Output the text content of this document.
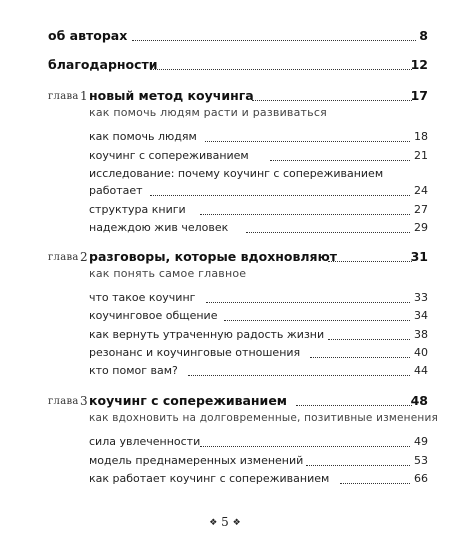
об авторах	8
благодарности	12
глава 1 новый метод коучинга	17
как помочь людям расти и развиваться
как помочь людям	18
коучинг с сопереживанием	21
исследование: почему коучинг с сопереживанием
работает	24
структура книги	27
надеждою жив человек	29
глава 2 разговоры, которые вдохновляют	31
как понять самое главное
что такое коучинг	33
коучинговое общение	34
как вернуть утраченную радость жизни	38
резонанс и коучинговые отношения	40
кто помог вам?	44
глава 3 коучинг с сопереживанием	48
как вдохновить на долговременные, позитивные изменения
сила увлеченности	49
модель преднамеренных изменений	53
как работает коучинг с сопереживанием	66
❖ 5 ❖
